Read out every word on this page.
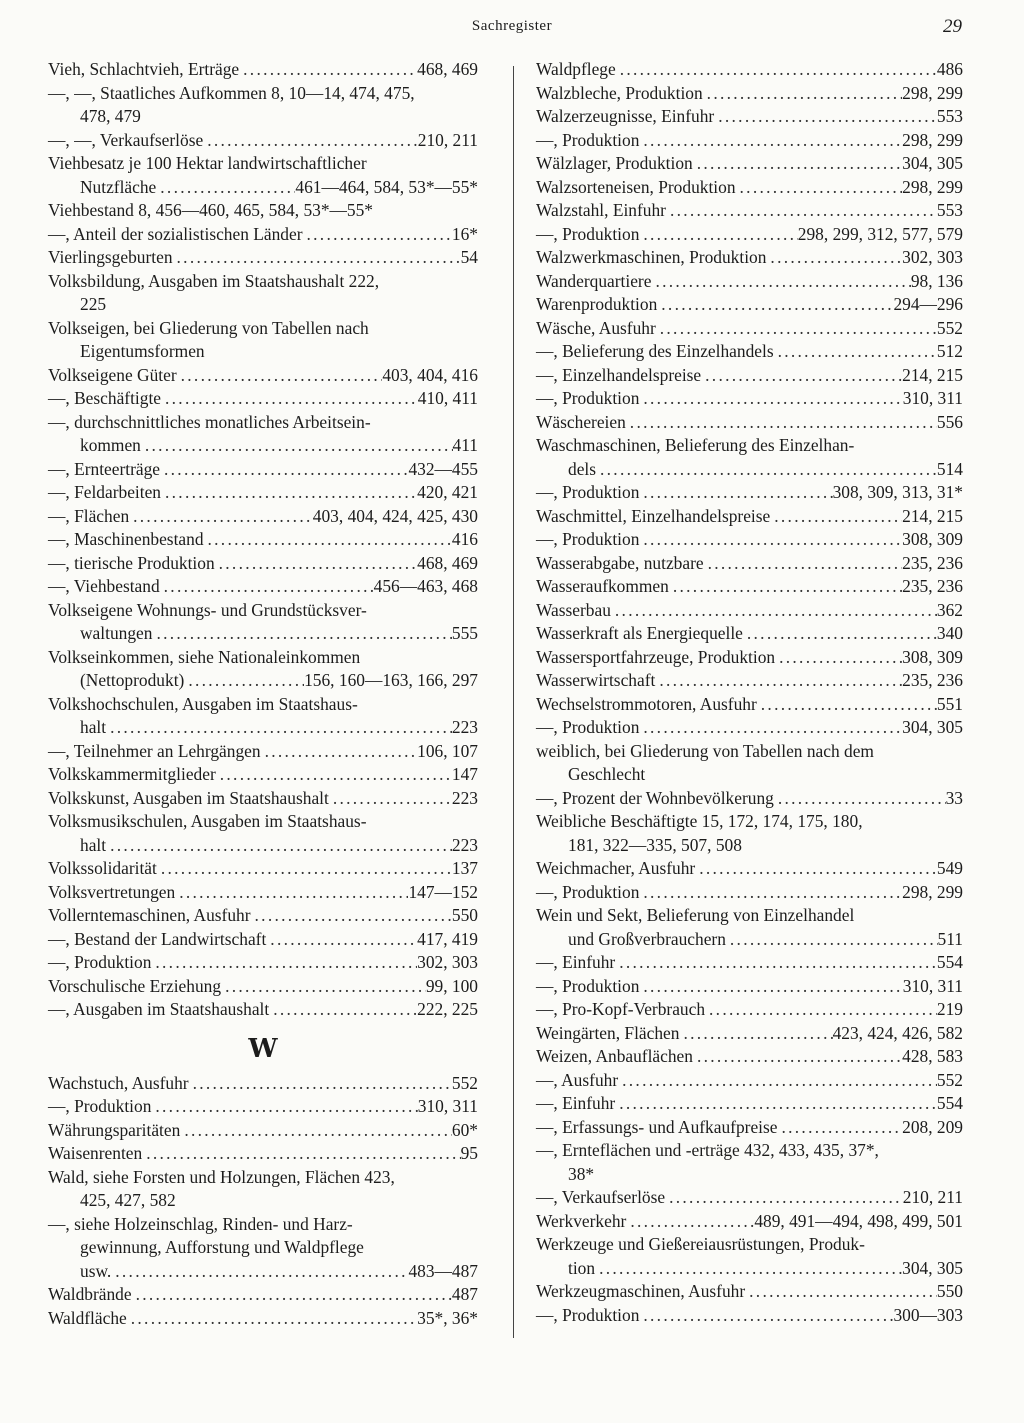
Sachregister	29
Vieh, Schlachtvieh, Erträge .....	468, 469
—, —, Staatliches Aufkommen 8, 10—14, 474, 475,
478, 479
—, —, Verkaufserlöse .....	210, 211
Viehbesatz je 100 Hektar landwirtschaftlicher
Nutzfläche .....	461—464, 584, 53*—55*
Viehbestand 8, 456—460, 465, 584, 53*—55*
—, Anteil der sozialistischen Länder .....	16*
Vierlingsgeburten .....	54
Volksbildung, Ausgaben im Staatshaushalt 222,
225
Volkseigen, bei Gliederung von Tabellen nach
Eigentumsformen
Volkseigene Güter .....	403, 404, 416
—, Beschäftigte .....	410, 411
—, durchschnittliches monatliches Arbeitsein-
kommen .....	411
—, Ernteerträge .....	432—455
—, Feldarbeiten .....	420, 421
—, Flächen .....	403, 404, 424, 425, 430
—, Maschinenbestand .....	416
—, tierische Produktion .....	468, 469
—, Viehbestand .....	456—463, 468
Volkseigene Wohnungs- und Grundstücksver-
waltungen .....	555
Volkseinkommen, siehe Nationaleinkommen
(Nettoprodukt) .....	156, 160—163, 166, 297
Volkshochschulen, Ausgaben im Staatshaus-
halt .....	223
—, Teilnehmer an Lehrgängen .....	106, 107
Volkskammermitglieder .....	147
Volkskunst, Ausgaben im Staatshaushalt .....	223
Volksmusikschulen, Ausgaben im Staatshaus-
halt .....	223
Volkssolidarität .....	137
Volksvertretungen .....	147—152
Vollerntemaschinen, Ausfuhr .....	550
—, Bestand der Landwirtschaft .....	417, 419
—, Produktion .....	302, 303
Vorschulische Erziehung .....	99, 100
—, Ausgaben im Staatshaushalt .....	222, 225
W
Wachstuch, Ausfuhr .....	552
—, Produktion .....	310, 311
Währungsparitäten .....	60*
Waisenrenten .....	95
Wald, siehe Forsten und Holzungen, Flächen 423,
425, 427, 582
—, siehe Holzeinschlag, Rinden- und Harz-
gewinnung, Aufforstung und Waldpflege
usw. .....	483—487
Waldbrände .....	487
Waldfläche .....	35*, 36*
Waldpflege .....	486
Walzbleche, Produktion .....	298, 299
Walzerzeugnisse, Einfuhr .....	553
—, Produktion .....	298, 299
Wälzlager, Produktion .....	304, 305
Walzsorteneisen, Produktion .....	298, 299
Walzstahl, Einfuhr .....	553
—, Produktion .....	298, 299, 312, 577, 579
Walzwerkmaschinen, Produktion .....	302, 303
Wanderquartiere .....	98, 136
Warenproduktion .....	294—296
Wäsche, Ausfuhr .....	552
—, Belieferung des Einzelhandels .....	512
—, Einzelhandelspreise .....	214, 215
—, Produktion .....	310, 311
Wäschereien .....	556
Waschmaschinen, Belieferung des Einzelhan-
dels .....	514
—, Produktion .....	308, 309, 313, 31*
Waschmittel, Einzelhandelspreise .....	214, 215
—, Produktion .....	308, 309
Wasserabgabe, nutzbare .....	235, 236
Wasseraufkommen .....	235, 236
Wasserbau .....	362
Wasserkraft als Energiequelle .....	340
Wassersportfahrzeuge, Produktion .....	308, 309
Wasserwirtschaft .....	235, 236
Wechselstrommotoren, Ausfuhr .....	551
—, Produktion .....	304, 305
weiblich, bei Gliederung von Tabellen nach dem
Geschlecht
—, Prozent der Wohnbevölkerung .....	33
Weibliche Beschäftigte 15, 172, 174, 175, 180,
181, 322—335, 507, 508
Weichmacher, Ausfuhr .....	549
—, Produktion .....	298, 299
Wein und Sekt, Belieferung von Einzelhandel
und Großverbrauchern .....	511
—, Einfuhr .....	554
—, Produktion .....	310, 311
—, Pro-Kopf-Verbrauch .....	219
Weingärten, Flächen .....	423, 424, 426, 582
Weizen, Anbauflächen .....	428, 583
—, Ausfuhr .....	552
—, Einfuhr .....	554
—, Erfassungs- und Aufkaufpreise .....	208, 209
—, Ernteflächen und -erträge 432, 433, 435, 37*,
38*
—, Verkaufserlöse .....	210, 211
Werkverkehr .....	489, 491—494, 498, 499, 501
Werkzeuge und Gießereiausrüstungen, Produk-
tion .....	304, 305
Werkzeugmaschinen, Ausfuhr .....	550
—, Produktion .....	300—303
